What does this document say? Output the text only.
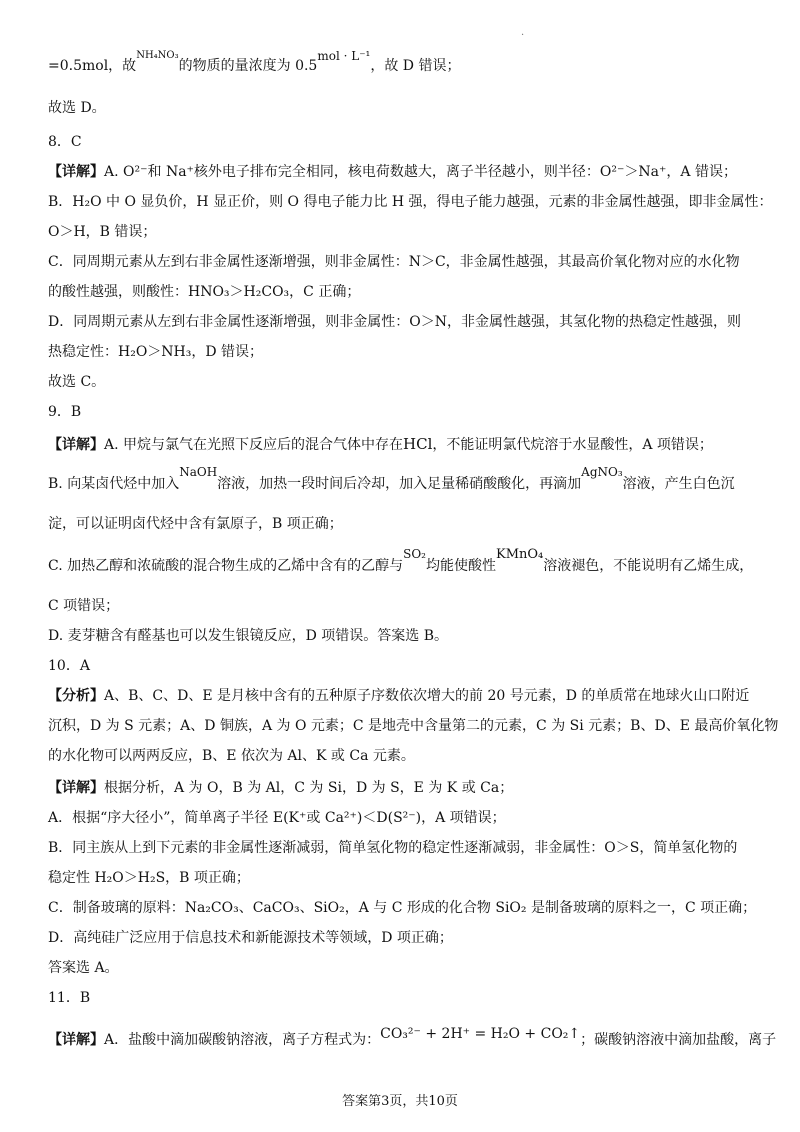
·
=0.5mol，故NH₄NO₃的物质的量浓度为 0.5mol · L⁻¹，故 D 错误；
故选 D。
8．C
【详解】A. O²⁻和 Na⁺核外电子排布完全相同，核电荷数越大，离子半径越小，则半径：O²⁻＞Na⁺，A 错误；
B．H₂O 中 O 显负价，H 显正价，则 O 得电子能力比 H 强，得电子能力越强，元素的非金属性越强，即非金属性：
O＞H，B 错误；
C．同周期元素从左到右非金属性逐渐增强，则非金属性：N＞C，非金属性越强，其最高价氧化物对应的水化物
的酸性越强，则酸性：HNO₃＞H₂CO₃，C 正确；
D．同周期元素从左到右非金属性逐渐增强，则非金属性：O＞N，非金属性越强，其氢化物的热稳定性越强，则
热稳定性：H₂O＞NH₃，D 错误；
故选 C。
9．B
【详解】A. 甲烷与氯气在光照下反应后的混合气体中存在HCl，不能证明氯代烷溶于水显酸性，A 项错误；
B. 向某卤代烃中加入NaOH溶液，加热一段时间后冷却，加入足量稀硝酸酸化，再滴加AgNO₃溶液，产生白色沉
淀，可以证明卤代烃中含有氯原子，B 项正确；
C. 加热乙醇和浓硫酸的混合物生成的乙烯中含有的乙醇与SO₂均能使酸性KMnO₄溶液褪色，不能说明有乙烯生成，
C 项错误；
D. 麦芽糖含有醛基也可以发生银镜反应，D 项错误。答案选 B。
10．A
【分析】A、B、C、D、E 是月核中含有的五种原子序数依次增大的前 20 号元素，D 的单质常在地球火山口附近
沉积，D 为 S 元素；A、D 铜族，A 为 O 元素；C 是地壳中含量第二的元素，C 为 Si 元素；B、D、E 最高价氧化物
的水化物可以两两反应，B、E 依次为 Al、K 或 Ca 元素。
【详解】根据分析，A 为 O，B 为 Al，C 为 Si，D 为 S，E 为 K 或 Ca；
A．根据“序大径小”，简单离子半径 E(K⁺或 Ca²⁺)＜D(S²⁻)，A 项错误；
B．同主族从上到下元素的非金属性逐渐减弱，简单氢化物的稳定性逐渐减弱，非金属性：O＞S，简单氢化物的
稳定性 H₂O＞H₂S，B 项正确；
C．制备玻璃的原料：Na₂CO₃、CaCO₃、SiO₂，A 与 C 形成的化合物 SiO₂ 是制备玻璃的原料之一，C 项正确；
D．高纯硅广泛应用于信息技术和新能源技术等领域，D 项正确；
答案选 A。
11．B
【详解】A．盐酸中滴加碳酸钠溶液，离子方程式为：CO₃²⁻ + 2H⁺ = H₂O + CO₂↑；碳酸钠溶液中滴加盐酸，离子
答案第3页，共10页
